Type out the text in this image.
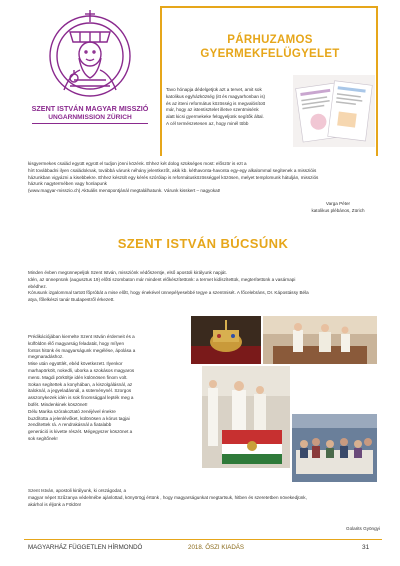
SZENT ISTVÁN MAGYAR MISSZIÓ
UNGARNMISSION ZÜRICH
PÁRHUZAMOS
GYERMEKFELÜGYELET
Tavo hónapja dédelgetjük azt a tervet, amit sok
katolikus egyházközség (itt és magyarhonban is)
és az itteni református közösség is megvalósított
már, hogy az istentisztelet illetve szentmisénk
alatt kicsi gyermekeke felügyeljünk segítők által.
A cél természetesen az, hogy minél több
kisgyermekes család együtt együtt el tudjon jönni közénk. Ehhez két dolog szükséges most: először is ezt a
hírt továbbadni ilyen családoknak, továbbá várunk néhány jelentkezőt, akik kb. kéthavonta-havonta egy-egy alkalommal segítenek a misszióis
házunkban vigyázni a kisebbekre. Ehhez készült egy kérés szórólap is reformátusközösséggel közösen, melyet templomunk hátulján, missziós
házunk nagytermében vagy honlapunk
(www.magyar-misszio.ch) Aktuális menüpontjánál megtalálhatunk. Várunk kisskert – nagyokat!
Varga Péter
katolikus plébános, Zürich
SZENT ISTVÁN BÚCSÚNK
Minden évben megünnepeljük Szent István, missziónk védőszentje, első apostoli királyunk napját.
Idén, az ünnepnünk (augusztus 19) előtti szombaton már mindent előkészítettünk: a termet kidíszítettük, megterítettünk a vasárnapi
ebédhez.
Kórusunk izgalommal tartott főpróbát a mise előtt, hogy énekével ünnepélyesebbé tegye a szentmisét. A főcelebráns, Dr. Kápostássy Béla
atya, főlelkészi tanár Budapestről érkezett.
Prédikációjában kiemelte Szent István érdemeit és a
külföldön élő magyarság feladatát, hogy mílyen
fontos hitünk és magyarságunk megélése, ápolása a
megmaradáshoz.
Mise után együttlét, ebéd következett. Ilyenkor
marhapörkölt, nokedli, uborka a szokásos magyaros
menü. Magdi pörköltje idén különösen finom volt.
Sokan segítettek a konyhában, a kiszolgálásnál, az
italoknál, a jegyeladásnál, a süteménynél. Szorgos
asszonykezek idén is sok finomsággal lepték meg a
büfét. Mindenkinek köszönet!
Délu Marika szórakoztató zenéjével énekre
buzdította a jelenlévőket, különösen a kórus tagjai
zendítettek rá. A rendrakásnál a fiatalabb
generáció is kivette részét. Mégegyszer köszönet a
sok segítőnek!
Szent István, apostoli királyunk, ki országodat, a
magyar népet Szűzanya védelmébe ajánlottad, könyörögj értünk , hogy magyarságunkat megtartsuk, hitben és szeretetben növekedjünk,
akárhol is éljünk a Földön!
Golarits Gyöngyi
MAGYARHÁZ FÜGGETLEN HÍRMONDÓ	2018. ŐSZI KIADÁS	31
